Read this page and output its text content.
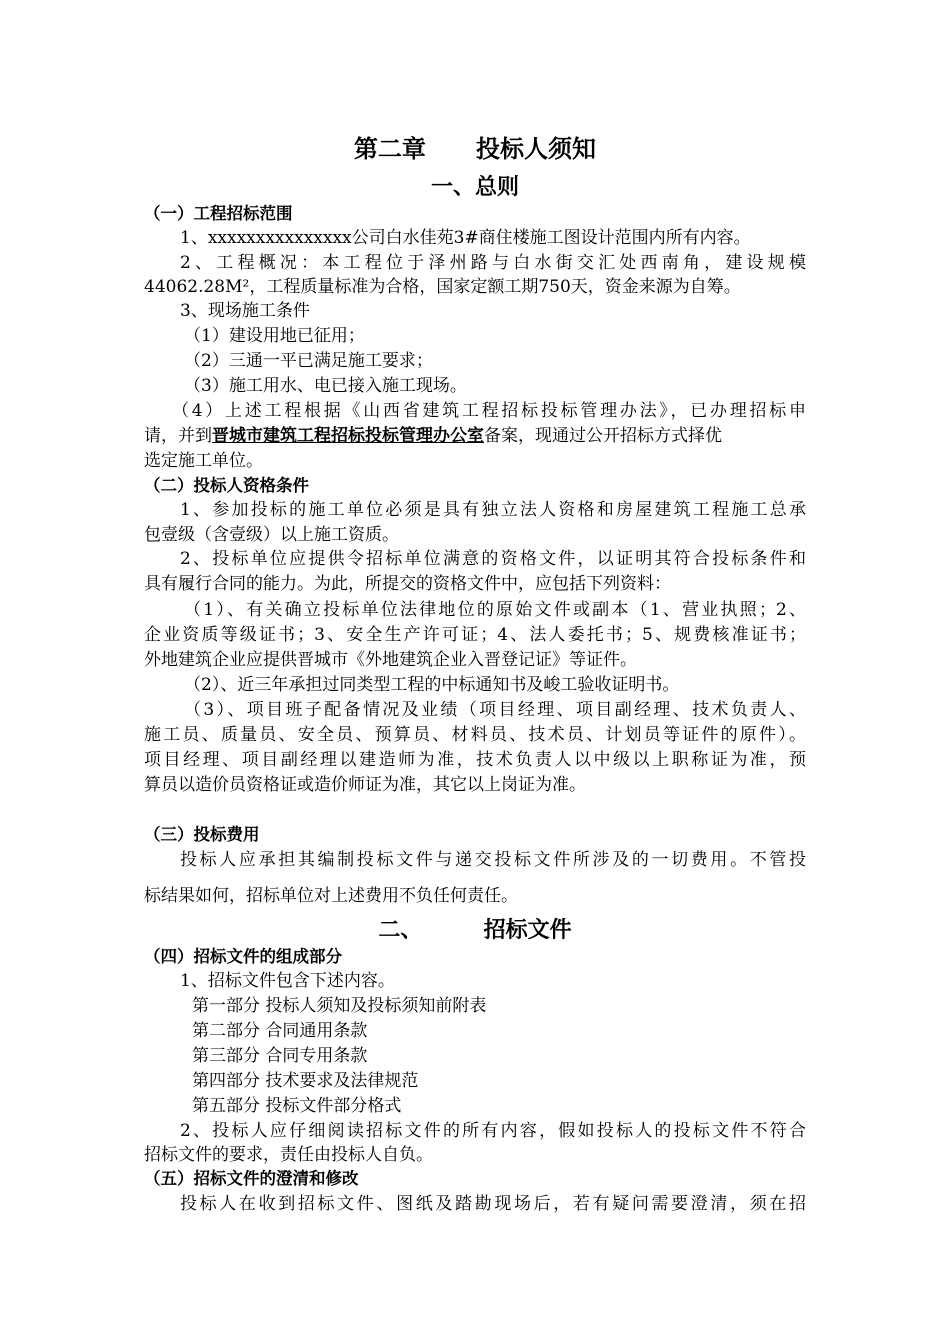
第二章      投标人须知
一、总则
（一）工程招标范围
1、xxxxxxxxxxxxxxx公司白水佳苑3#商住楼施工图设计范围内所有内容。
2、工程概况：本工程位于泽州路与白水街交汇处西南角，建设规模
44062.28M²，工程质量标准为合格，国家定额工期750天，资金来源为自筹。
3、现场施工条件
（1）建设用地已征用；
（2）三通一平已满足施工要求；
（3）施工用水、电已接入施工现场。
（4）上述工程根据《山西省建筑工程招标投标管理办法》，已办理招标申
请，并到晋城市建筑工程招标投标管理办公室备案，现通过公开招标方式择优
选定施工单位。
（二）投标人资格条件
1、参加投标的施工单位必须是具有独立法人资格和房屋建筑工程施工总承
包壹级（含壹级）以上施工资质。
2、投标单位应提供令招标单位满意的资格文件，以证明其符合投标条件和
具有履行合同的能力。为此，所提交的资格文件中，应包括下列资料：
（1）、有关确立投标单位法律地位的原始文件或副本（1、营业执照；2、
企业资质等级证书；3、安全生产许可证；4、法人委托书；5、规费核准证书；
外地建筑企业应提供晋城市《外地建筑企业入晋登记证》等证件。
（2）、近三年承担过同类型工程的中标通知书及峻工验收证明书。
（3）、项目班子配备情况及业绩（项目经理、项目副经理、技术负责人、
施工员、质量员、安全员、预算员、材料员、技术员、计划员等证件的原件）。
项目经理、项目副经理以建造师为准，技术负责人以中级以上职称证为准，预
算员以造价员资格证或造价师证为准，其它以上岗证为准。
（三）投标费用
投标人应承担其编制投标文件与递交投标文件所涉及的一切费用。不管投
标结果如何，招标单位对上述费用不负任何责任。
二、        招标文件
（四）招标文件的组成部分
1、招标文件包含下述内容。
第一部分 投标人须知及投标须知前附表
第二部分 合同通用条款
第三部分 合同专用条款
第四部分 技术要求及法律规范
第五部分 投标文件部分格式
2、投标人应仔细阅读招标文件的所有内容，假如投标人的投标文件不符合
招标文件的要求，责任由投标人自负。
（五）招标文件的澄清和修改
投标人在收到招标文件、图纸及踏勘现场后，若有疑问需要澄清，须在招
